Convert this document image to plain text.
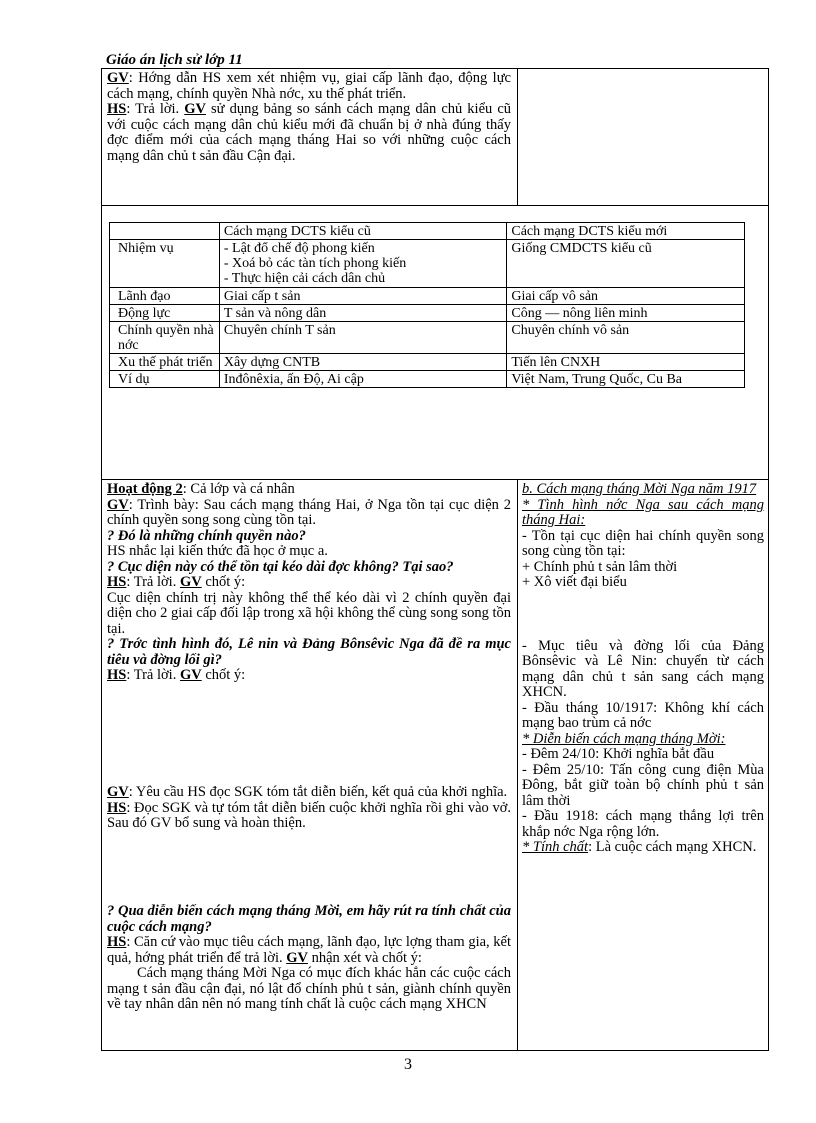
Giáo án lịch sử lớp 11

GV: Hớng dẫn HS xem xét nhiệm vụ, giai cấp lãnh đạo, động lực cách mạng, chính quyền Nhà nớc, xu thế phát triển.

HS: Trả lời. GV sử dụng bảng so sánh cách mạng dân chủ kiểu cũ với cuộc cách mạng dân chủ kiểu mới đã chuẩn bị ở nhà đúng thấy đợc điểm mới của cách mạng tháng Hai so với những cuộc cách mạng dân chủ t sản đầu Cận đại.

	Cách mạng DCTS kiểu cũ	Cách mạng DCTS kiểu mới
Nhiệm vụ	- Lật đổ chế độ phong kiến
- Xoá bỏ các tàn tích phong kiến
- Thực hiện cải cách dân chủ	Giống CMDCTS kiểu cũ
Lãnh đạo	Giai cấp t sản	Giai cấp vô sản
Động lực	T sản và nông dân	Công — nông liên minh
Chính quyền nhà nớc	Chuyên chính T sản	Chuyên chính vô sản
Xu thế phát triển	Xây dựng CNTB	Tiến lên CNXH
Ví dụ	Inđônêxia, ấn Độ, Ai cập	Việt Nam, Trung Quốc, Cu Ba

Hoạt động 2: Cả lớp và cá nhân

GV: Trình bày: Sau cách mạng tháng Hai, ở Nga tồn tại cục diện 2 chính quyền song song cùng tồn tại.

? Đó là những chính quyền nào?

HS nhắc lại kiến thức đã học ở mục a.

? Cục diện này có thể tồn tại kéo dài đợc không? Tại sao?

HS: Trả lời. GV chốt ý:

Cục diện chính trị này không thể thể kéo dài vì 2 chính quyền đại diện cho 2 giai cấp đối lập trong xã hội không thể cùng song song tồn tại.

? Trớc tình hình đó, Lê nin và Đảng Bônsêvic Nga đã đề ra mục tiêu và đờng lối gì?

HS: Trả lời. GV chốt ý:

GV: Yêu cầu HS đọc SGK tóm tắt diễn biến, kết quả của khởi nghĩa.

HS: Đọc SGK và tự tóm tắt diễn biến cuộc khởi nghĩa rồi ghi vào vở. Sau đó GV bổ sung và hoàn thiện.

? Qua diễn biến cách mạng tháng Mời, em hãy rút ra tính chất của cuộc cách mạng?

HS: Căn cứ vào mục tiêu cách mạng, lãnh đạo, lực lợng tham gia, kết quả, hớng phát triển để trả lời. GV nhận xét và chốt ý:

Cách mạng tháng Mời Nga có mục đích khác hẳn các cuộc cách mạng t sản đầu cận đại, nó lật đổ chính phủ t sản, giành chính quyền về tay nhân dân nên nó mang tính chất là cuộc cách mạng XHCN

b. Cách mạng tháng Mời Nga năm 1917

* Tình hình nớc Nga sau cách mạng tháng Hai:

- Tồn tại cục diện hai chính quyền song song cùng tồn tại:

+ Chính phủ t sản lâm thời

+ Xô viết đại biểu

- Mục tiêu và đờng lối của Đảng Bônsêvic và Lê Nin: chuyển từ cách mạng dân chủ t sản sang cách mạng XHCN.

- Đầu tháng 10/1917: Không khí cách mạng bao trùm cả nớc

* Diễn biến cách mạng tháng Mời:

- Đêm 24/10: Khởi nghĩa bắt đầu

- Đêm 25/10: Tấn công cung điện Mùa Đông, bắt giữ toàn bộ chính phủ t sản lâm thời

- Đầu 1918: cách mạng thắng lợi trên khắp nớc Nga rộng lớn.

* Tính chất: Là cuộc cách mạng XHCN.

3
